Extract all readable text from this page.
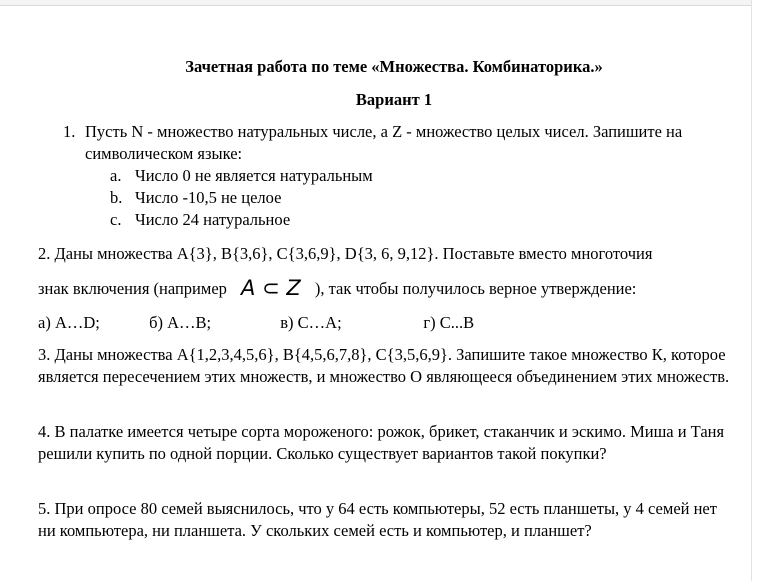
Зачетная работа по теме «Множества. Комбинаторика.»
Вариант 1
1. Пусть N - множество натуральных числе, а Z - множество целых чисел. Запишите на символическом языке:
a. Число 0 не является натуральным
b. Число -10,5 не целое
c. Число 24 натуральное
2. Даны множества А{3}, В{3,6}, С{3,6,9}, D{3, 6, 9,12}. Поставьте вместо многоточия
знак включения (например A ⊂ Z ), так чтобы получилось верное утверждение:
а) А…D;	б) А…В;	в) С…А;	г) С...В

3. Даны множества А{1,2,3,4,5,6}, В{4,5,6,7,8}, С{3,5,6,9}. Запишите такое множество К, которое является пересечением этих множеств, и множество О являющееся объединением этих множеств.

4. В палатке имеется четыре сорта мороженого: рожок, брикет, стаканчик и эскимо. Миша и Таня решили купить по одной порции. Сколько существует вариантов такой покупки?

5. При опросе 80 семей выяснилось, что у 64 есть компьютеры, 52 есть планшеты, у 4 семей нет ни компьютера, ни планшета. У скольких семей есть и компьютер, и планшет?
